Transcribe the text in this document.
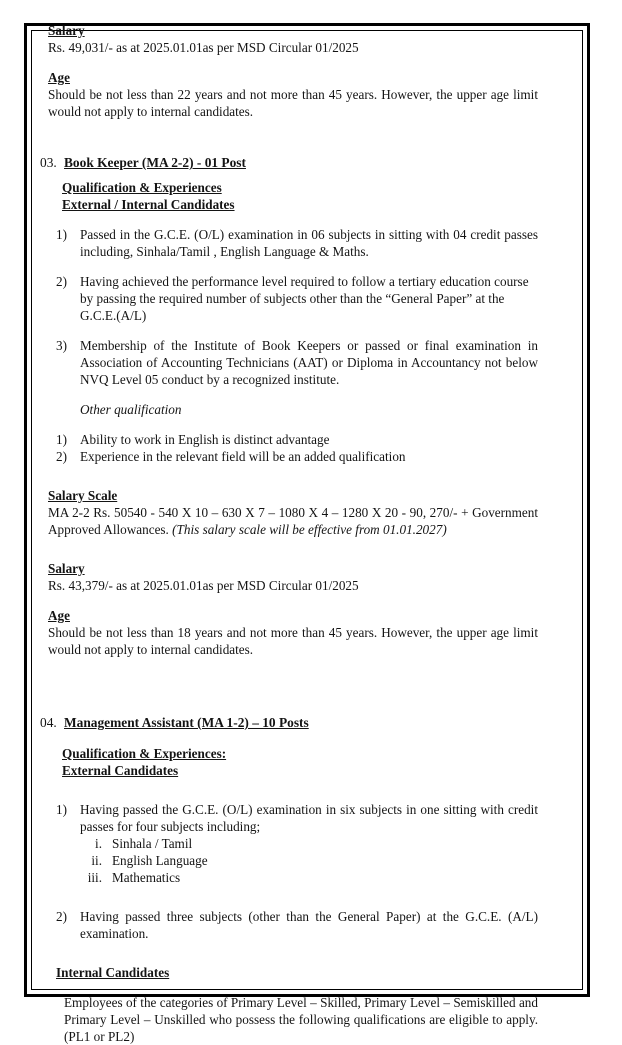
Salary
Rs. 49,031/- as at 2025.01.01as per MSD Circular 01/2025
Age
Should be not less than 22 years and not more than 45 years. However, the upper age limit would not apply to internal candidates.
03. Book Keeper (MA 2-2) - 01 Post
Qualification & Experiences
External / Internal Candidates
1) Passed in the G.C.E. (O/L) examination in 06 subjects in sitting with 04 credit passes including, Sinhala/Tamil , English Language & Maths.
2) Having achieved the performance level required to follow a tertiary education course by passing the required number of subjects other than the “General Paper” at the G.C.E.(A/L)
3) Membership of the Institute of Book Keepers or passed or final examination in Association of Accounting Technicians (AAT) or Diploma in Accountancy not below NVQ Level 05 conduct by a recognized institute.
Other qualification
1) Ability to work in English is distinct advantage
2) Experience in the relevant field will be an added qualification
Salary Scale
MA 2-2 Rs. 50540 - 540 X 10 – 630 X 7 – 1080 X 4 – 1280 X 20 - 90, 270/- + Government Approved Allowances. (This salary scale will be effective from 01.01.2027)
Salary
Rs. 43,379/- as at 2025.01.01as per MSD Circular 01/2025
Age
Should be not less than 18 years and not more than 45 years. However, the upper age limit would not apply to internal candidates.
04. Management Assistant (MA 1-2) – 10 Posts
Qualification & Experiences:
External Candidates
1) Having passed the G.C.E. (O/L) examination in six subjects in one sitting with credit passes for four subjects including;
i. Sinhala / Tamil
ii. English Language
iii. Mathematics
2) Having passed three subjects (other than the General Paper) at the G.C.E. (A/L) examination.
Internal Candidates
Employees of the categories of Primary Level – Skilled, Primary Level – Semiskilled and Primary Level – Unskilled who possess the following qualifications are eligible to apply. (PL1 or PL2)
